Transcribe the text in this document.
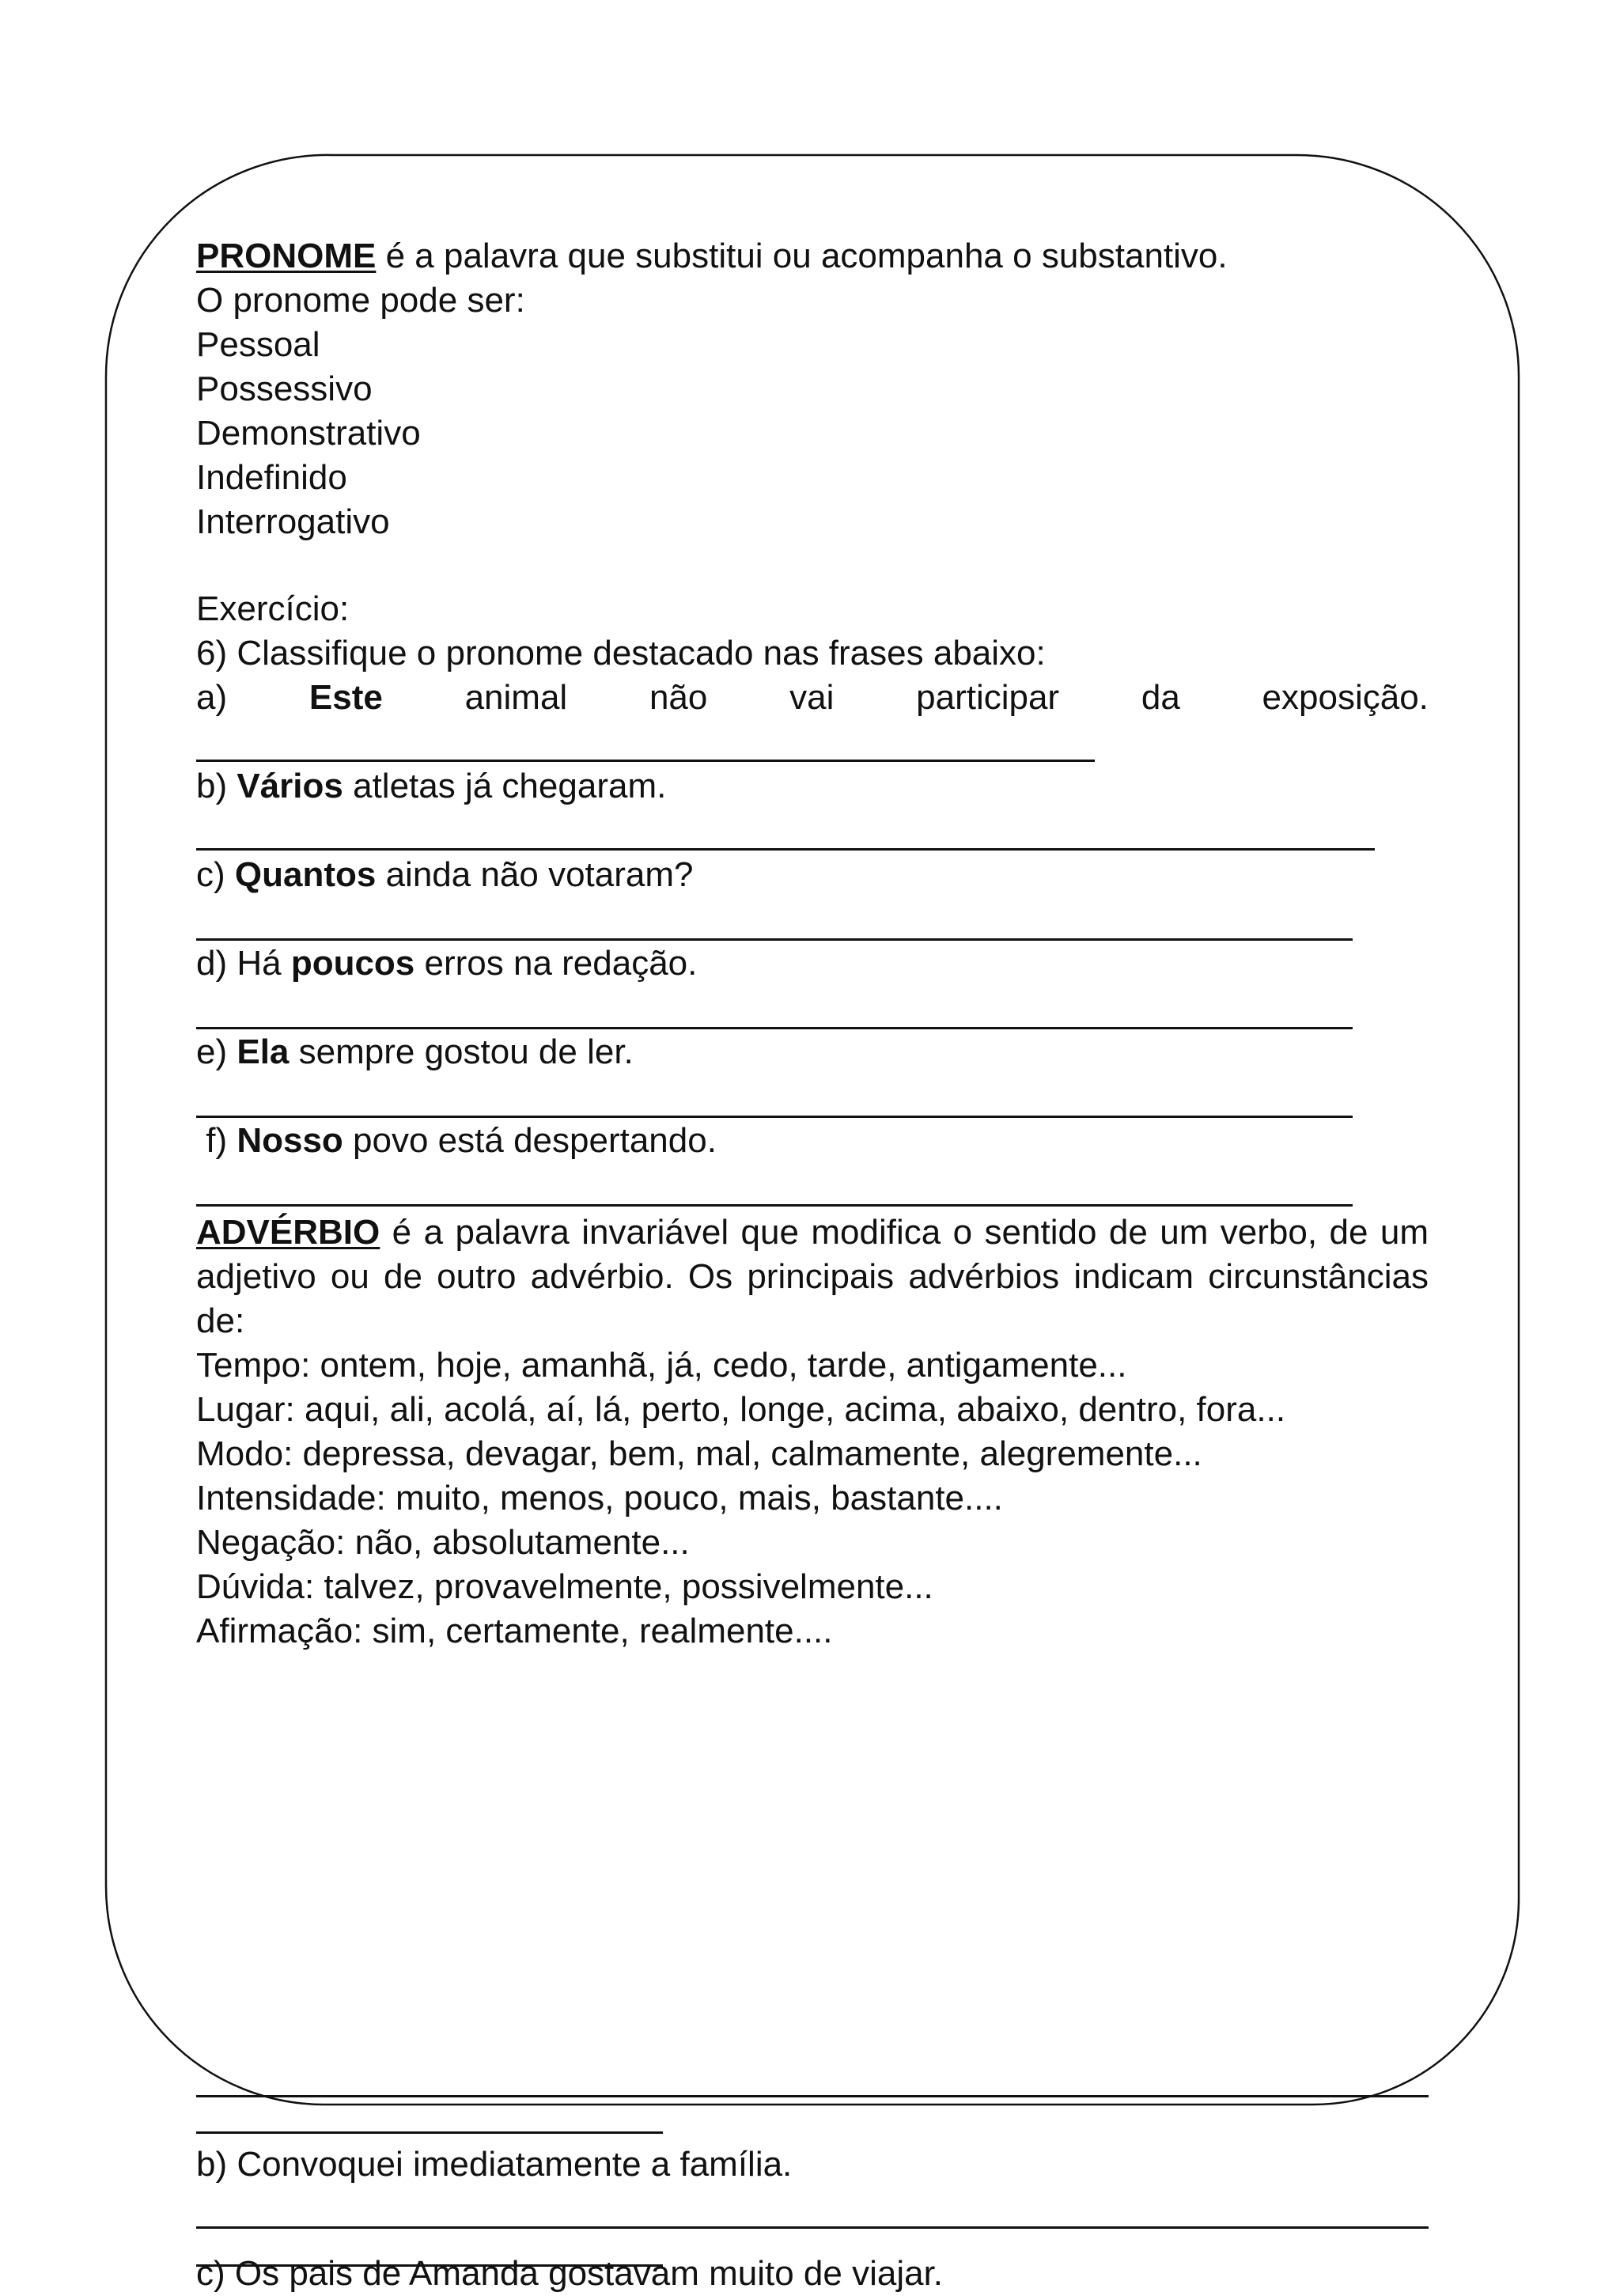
PRONOME é a palavra que substitui ou acompanha o substantivo.

O pronome pode ser:

Pessoal

Possessivo

Demonstrativo

Indefinido

Interrogativo

Exercício:

6) Classifique o pronome destacado nas frases abaixo:

a) Este animal não vai participar da exposição.

b) Vários atletas já chegaram.

c) Quantos ainda não votaram?

d) Há poucos erros na redação.

e) Ela sempre gostou de ler.

f) Nosso povo está despertando.

ADVÉRBIO é a palavra invariável que modifica o sentido de um verbo, de um adjetivo ou de outro advérbio. Os principais advérbios indicam circunstâncias de:

Tempo: ontem, hoje, amanhã, já, cedo, tarde, antigamente...

Lugar: aqui, ali, acolá, aí, lá, perto, longe, acima, abaixo, dentro, fora...

Modo: depressa, devagar, bem, mal, calmamente, alegremente...

Intensidade: muito, menos, pouco, mais, bastante....

Negação: não, absolutamente...

Dúvida: talvez, provavelmente, possivelmente...

Afirmação: sim, certamente, realmente....

b) Convoquei imediatamente a família.

c) Os pais de Amanda gostavam muito de viajar.
